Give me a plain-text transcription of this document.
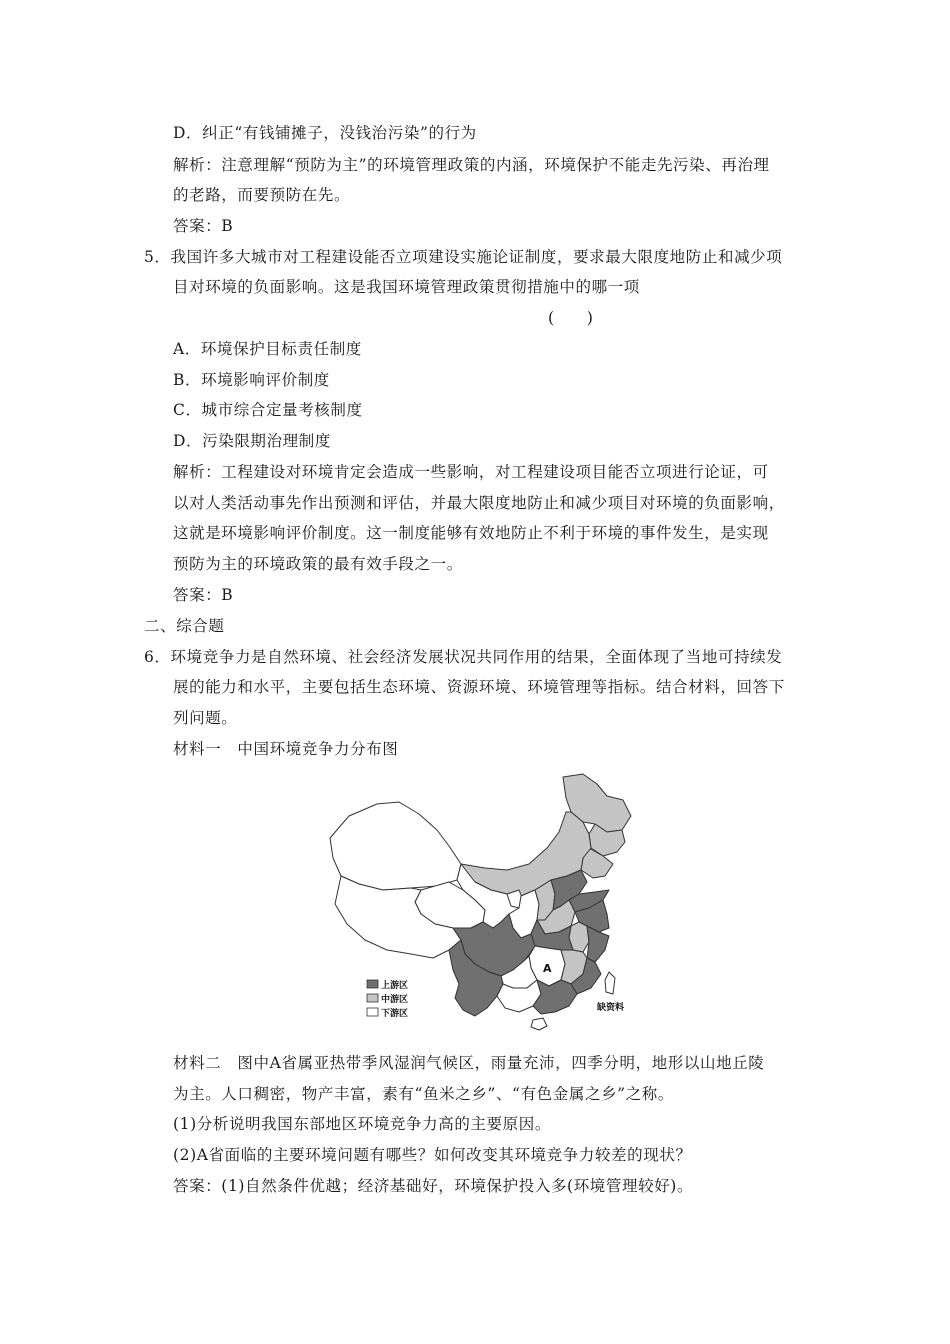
D．纠正“有钱铺摊子，没钱治污染”的行为
解析：注意理解“预防为主”的环境管理政策的内涵，环境保护不能走先污染、再治理
的老路，而要预防在先。
答案：B
5．我国许多大城市对工程建设能否立项建设实施论证制度，要求最大限度地防止和减少项
目对环境的负面影响。这是我国环境管理政策贯彻措施中的哪一项
(　　)
A．环境保护目标责任制度
B．环境影响评价制度
C．城市综合定量考核制度
D．污染限期治理制度
解析：工程建设对环境肯定会造成一些影响，对工程建设项目能否立项进行论证，可
以对人类活动事先作出预测和评估，并最大限度地防止和减少项目对环境的负面影响，
这就是环境影响评价制度。这一制度能够有效地防止不利于环境的事件发生，是实现
预防为主的环境政策的最有效手段之一。
答案：B
二、综合题
6．环境竞争力是自然环境、社会经济发展状况共同作用的结果，全面体现了当地可持续发
展的能力和水平，主要包括生态环境、资源环境、环境管理等指标。结合材料，回答下
列问题。
材料一　中国环境竞争力分布图
A
缺资料
上游区
中游区
下游区
材料二　图中A省属亚热带季风湿润气候区，雨量充沛，四季分明，地形以山地丘陵
为主。人口稠密，物产丰富，素有“鱼米之乡”、“有色金属之乡”之称。
(1)分析说明我国东部地区环境竞争力高的主要原因。
(2)A省面临的主要环境问题有哪些？如何改变其环境竞争力较差的现状？
答案：(1)自然条件优越；经济基础好，环境保护投入多(环境管理较好)。
